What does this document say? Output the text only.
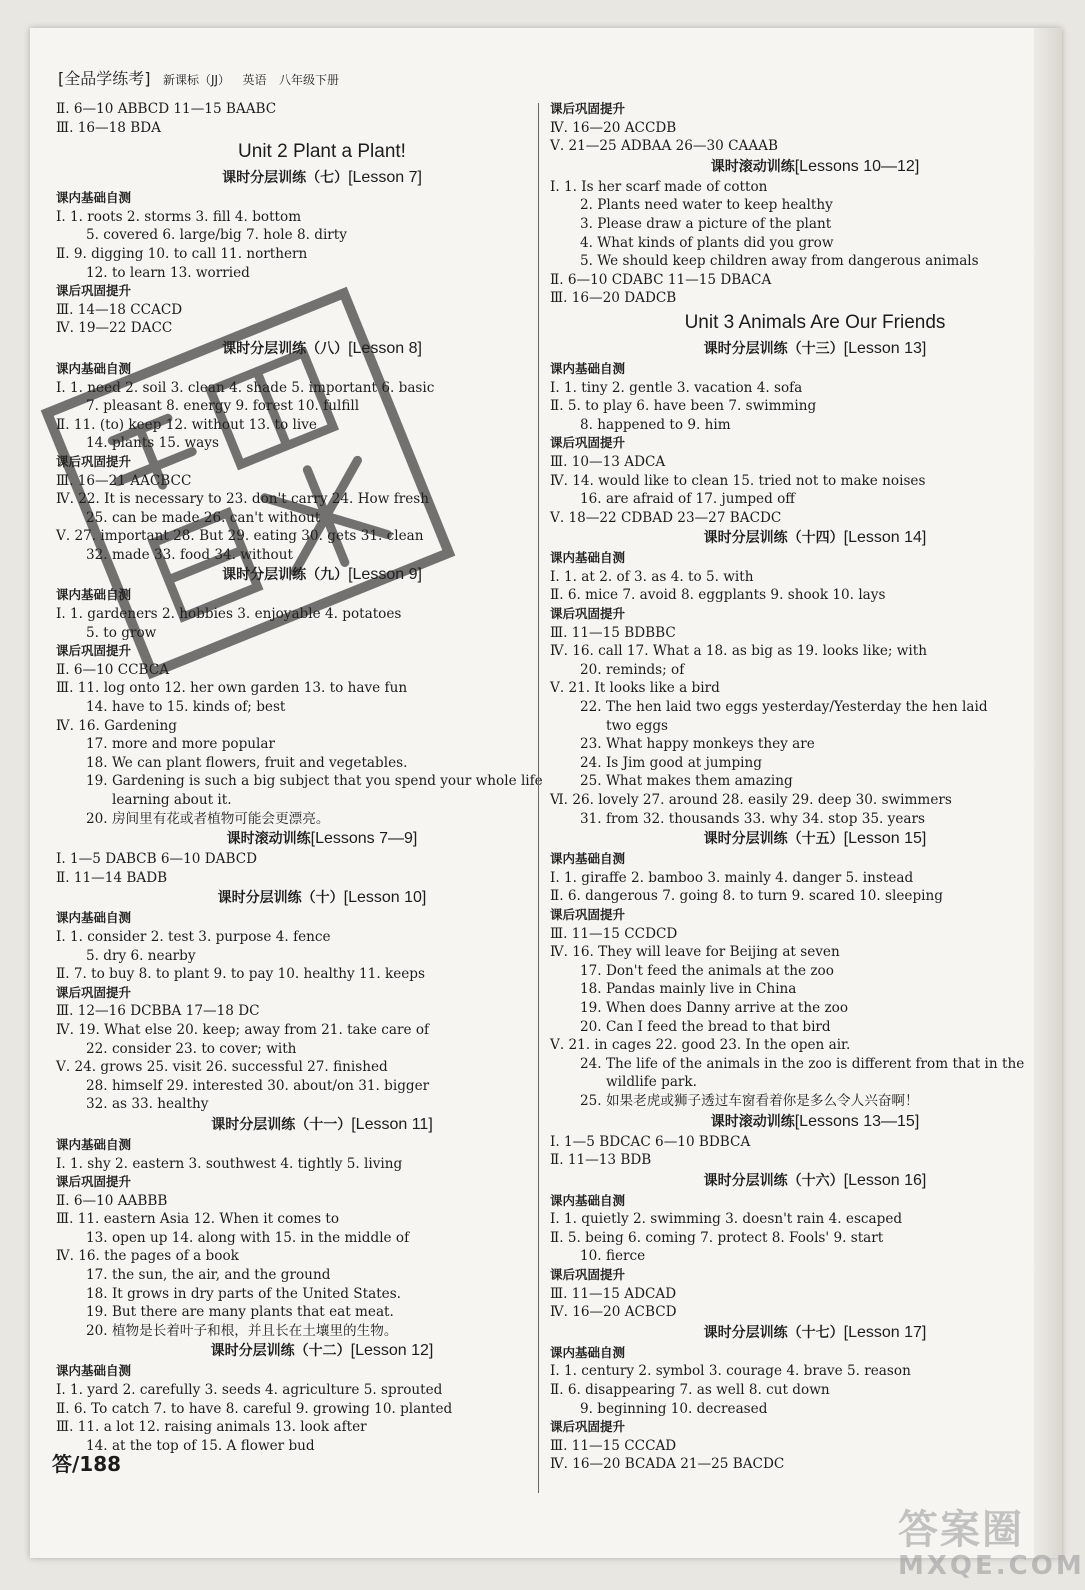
[全品学练考] 新课标（JJ） 英语 八年级下册
Ⅱ. 6—10 ABBCD 11—15 BAABC
Ⅲ. 16—18 BDA
Unit 2 Plant a Plant!
课时分层训练（七）[Lesson 7]
课内基础自测
Ⅰ. 1. roots 2. storms 3. fill 4. bottom
5. covered 6. large/big 7. hole 8. dirty
Ⅱ. 9. digging 10. to call 11. northern
12. to learn 13. worried
课后巩固提升
Ⅲ. 14—18 CCACD
Ⅳ. 19—22 DACC
课时分层训练（八）[Lesson 8]
课内基础自测
Ⅰ. 1. need 2. soil 3. clean 4. shade 5. important 6. basic
7. pleasant 8. energy 9. forest 10. fulfill
Ⅱ. 11. (to) keep 12. without 13. to live
14. plants 15. ways
课后巩固提升
Ⅲ. 16—21 AACBCC
Ⅳ. 22. It is necessary to 23. don't carry 24. How fresh
25. can be made 26. can't without
Ⅴ. 27. important 28. But 29. eating 30. gets 31. clean
32. made 33. food 34. without
课时分层训练（九）[Lesson 9]
课内基础自测
Ⅰ. 1. gardeners 2. hobbies 3. enjoyable 4. potatoes
5. to grow
课后巩固提升
Ⅱ. 6—10 CCBCA
Ⅲ. 11. log onto 12. her own garden 13. to have fun
14. have to 15. kinds of; best
Ⅳ. 16. Gardening
17. more and more popular
18. We can plant flowers, fruit and vegetables.
19. Gardening is such a big subject that you spend your whole life
learning about it.
20. 房间里有花或者植物可能会更漂亮。
课时滚动训练[Lessons 7—9]
Ⅰ. 1—5 DABCB 6—10 DABCD
Ⅱ. 11—14 BADB
课时分层训练（十）[Lesson 10]
课内基础自测
Ⅰ. 1. consider 2. test 3. purpose 4. fence
5. dry 6. nearby
Ⅱ. 7. to buy 8. to plant 9. to pay 10. healthy 11. keeps
课后巩固提升
Ⅲ. 12—16 DCBBA 17—18 DC
Ⅳ. 19. What else 20. keep; away from 21. take care of
22. consider 23. to cover; with
Ⅴ. 24. grows 25. visit 26. successful 27. finished
28. himself 29. interested 30. about/on 31. bigger
32. as 33. healthy
课时分层训练（十一）[Lesson 11]
课内基础自测
Ⅰ. 1. shy 2. eastern 3. southwest 4. tightly 5. living
课后巩固提升
Ⅱ. 6—10 AABBB
Ⅲ. 11. eastern Asia 12. When it comes to
13. open up 14. along with 15. in the middle of
Ⅳ. 16. the pages of a book
17. the sun, the air, and the ground
18. It grows in dry parts of the United States.
19. But there are many plants that eat meat.
20. 植物是长着叶子和根，并且长在土壤里的生物。
课时分层训练（十二）[Lesson 12]
课内基础自测
Ⅰ. 1. yard 2. carefully 3. seeds 4. agriculture 5. sprouted
Ⅱ. 6. To catch 7. to have 8. careful 9. growing 10. planted
Ⅲ. 11. a lot 12. raising animals 13. look after
14. at the top of 15. A flower bud
课后巩固提升
Ⅳ. 16—20 ACCDB
Ⅴ. 21—25 ADBAA 26—30 CAAAB
课时滚动训练[Lessons 10—12]
Ⅰ. 1. Is her scarf made of cotton
2. Plants need water to keep healthy
3. Please draw a picture of the plant
4. What kinds of plants did you grow
5. We should keep children away from dangerous animals
Ⅱ. 6—10 CDABC 11—15 DBACA
Ⅲ. 16—20 DADCB
Unit 3 Animals Are Our Friends
课时分层训练（十三）[Lesson 13]
课内基础自测
Ⅰ. 1. tiny 2. gentle 3. vacation 4. sofa
Ⅱ. 5. to play 6. have been 7. swimming
8. happened to 9. him
课后巩固提升
Ⅲ. 10—13 ADCA
Ⅳ. 14. would like to clean 15. tried not to make noises
16. are afraid of 17. jumped off
Ⅴ. 18—22 CDBAD 23—27 BACDC
课时分层训练（十四）[Lesson 14]
课内基础自测
Ⅰ. 1. at 2. of 3. as 4. to 5. with
Ⅱ. 6. mice 7. avoid 8. eggplants 9. shook 10. lays
课后巩固提升
Ⅲ. 11—15 BDBBC
Ⅳ. 16. call 17. What a 18. as big as 19. looks like; with
20. reminds; of
Ⅴ. 21. It looks like a bird
22. The hen laid two eggs yesterday/Yesterday the hen laid
two eggs
23. What happy monkeys they are
24. Is Jim good at jumping
25. What makes them amazing
Ⅵ. 26. lovely 27. around 28. easily 29. deep 30. swimmers
31. from 32. thousands 33. why 34. stop 35. years
课时分层训练（十五）[Lesson 15]
课内基础自测
Ⅰ. 1. giraffe 2. bamboo 3. mainly 4. danger 5. instead
Ⅱ. 6. dangerous 7. going 8. to turn 9. scared 10. sleeping
课后巩固提升
Ⅲ. 11—15 CCDCD
Ⅳ. 16. They will leave for Beijing at seven
17. Don't feed the animals at the zoo
18. Pandas mainly live in China
19. When does Danny arrive at the zoo
20. Can I feed the bread to that bird
Ⅴ. 21. in cages 22. good 23. In the open air.
24. The life of the animals in the zoo is different from that in the
wildlife park.
25. 如果老虎或狮子透过车窗看着你是多么令人兴奋啊！
课时滚动训练[Lessons 13—15]
Ⅰ. 1—5 BDCAC 6—10 BDBCA
Ⅱ. 11—13 BDB
课时分层训练（十六）[Lesson 16]
课内基础自测
Ⅰ. 1. quietly 2. swimming 3. doesn't rain 4. escaped
Ⅱ. 5. being 6. coming 7. protect 8. Fools' 9. start
10. fierce
课后巩固提升
Ⅲ. 11—15 ADCAD
Ⅳ. 16—20 ACBCD
课时分层训练（十七）[Lesson 17]
课内基础自测
Ⅰ. 1. century 2. symbol 3. courage 4. brave 5. reason
Ⅱ. 6. disappearing 7. as well 8. cut down
9. beginning 10. decreased
课后巩固提升
Ⅲ. 11—15 CCCAD
Ⅳ. 16—20 BCADA 21—25 BACDC
答/188
答案圈
MXQE.COM
